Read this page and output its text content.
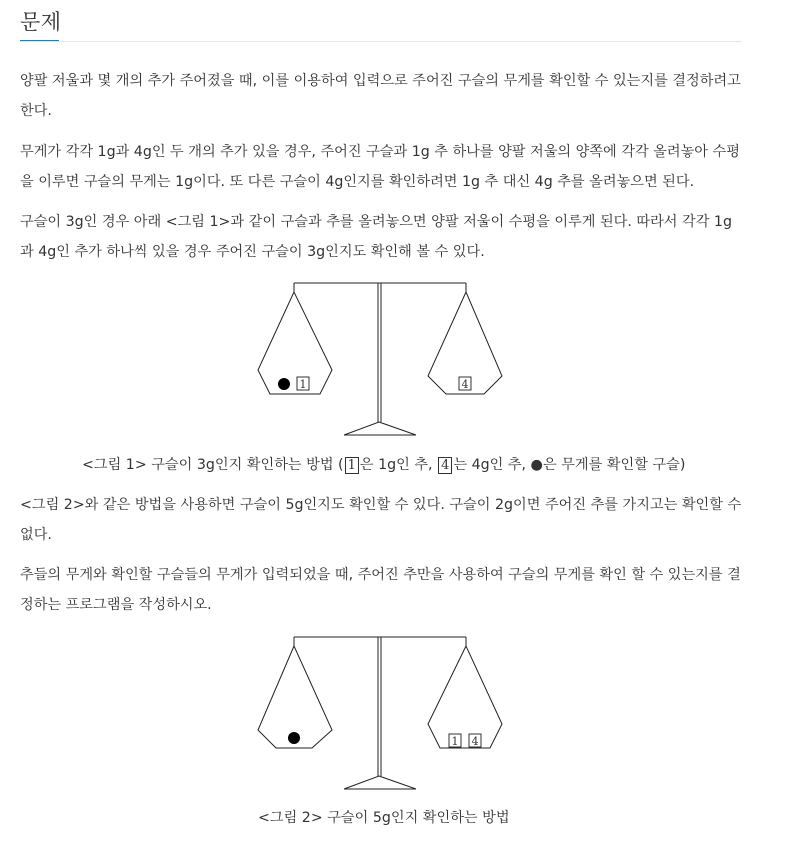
문제

양팔 저울과 몇 개의 추가 주어졌을 때, 이를 이용하여 입력으로 주어진 구슬의 무게를 확인할 수 있는지를 결정하려고 한다.

무게가 각각 1g과 4g인 두 개의 추가 있을 경우, 주어진 구슬과 1g 추 하나를 양팔 저울의 양쪽에 각각 올려놓아 수평을 이루면 구슬의 무게는 1g이다. 또 다른 구슬이 4g인지를 확인하려면 1g 추 대신 4g 추를 올려놓으면 된다.

구슬이 3g인 경우 아래 <그림 1>과 같이 구슬과 추를 올려놓으면 양팔 저울이 수평을 이루게 된다. 따라서 각각 1g과 4g인 추가 하나씩 있을 경우 주어진 구슬이 3g인지도 확인해 볼 수 있다.

1	4
<그림 1> 구슬이 3g인지 확인하는 방법 ( 1 은 1g인 추, 4 는 4g인 추, ●은 무게를 확인할 구슬)

<그림 2>와 같은 방법을 사용하면 구슬이 5g인지도 확인할 수 있다. 구슬이 2g이면 주어진 추를 가지고는 확인할 수 없다.

추들의 무게와 확인할 구슬들의 무게가 입력되었을 때, 주어진 추만을 사용하여 구슬의 무게를 확인 할 수 있는지를 결정하는 프로그램을 작성하시오.

1 4
<그림 2> 구슬이 5g인지 확인하는 방법
